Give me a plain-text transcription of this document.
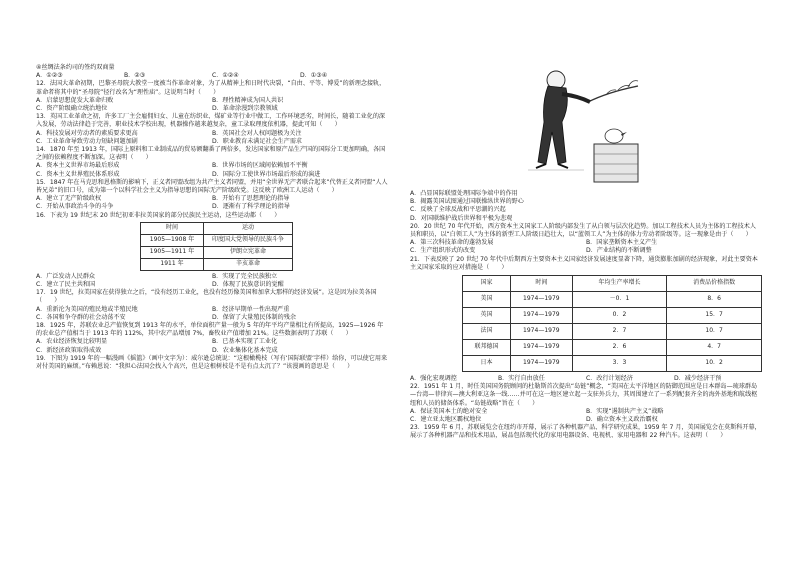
④丝绸法条约司的签约双商量

A．①②③	B．②③	C．①②④	D．①③④

12．法国大革命初期，巴黎圣母院大教堂一度被当作革命对象，为了从精神上和日时代决裂，“自由、平等、博爱”的新理念接轨，革命者将其中的“圣母院”径行改名为“理性庙”。这说明当时（　　）

A．启蒙思想促发大革命归败	B．理性精神成为国人共识
C．资产阶级确立统治地位	D．革命涂漫到宗教领域

13．英国工业革命之初，许多工厂主会雇佣妇女、儿童在纺织业、煤矿业等行业中做工，工作环境恶劣，时间长，随着工业化的深入发展，劳动法律趋于完善，职业技术学校出现，机器操作越来越复杂，童工录取理度依机器，提此可知（　　）

A．科技发展对劳动者的素质要求更高	B．英国社会对人权问题极为关注
C．工业革命导致劳动力短缺问题加剧	D．职业教育未满足社会生产需求

14．1870 年至 1913 年，国际上原料和工业制成品的贸易额翻番了两倍多，发达国家和原产品生产国的国际分工更加明确，各国之间的依赖程度不断加深。这表明（　　）

A．资本主义世界市场最后形成	B．世界市场的区域间依赖加不平衡
C．资本主义世界殖民体系形成	D．国际分工使世界市场最后形成的演进

15．1847 年在马克思和恩格斯的影响下，正义者同盟改组为共产主义者同盟，并用“全世界无产者联合起来”代替正义者同盟“人人皆兄弟”的旧口号，成为第一个以科学社会主义为指导思想的国际无产阶级政党。这反映了欧洲工人运动（　　）

A．建立了无产阶级政权	B．开始有了思想理论的指导
C．开始从事政治斗争的斗争	D．逐渐有了科学理论的指导

16．下表为 19 世纪末 20 世纪初亚非拉美国家的部分民族民主运动，这些运动都（　　）

时间	运动
1905—1908 年	印度国大党领导的民族斗争
1905—1911 年	伊朗立宪革命
1911 年	辛亥革命
A．广泛发动人民群众	B．实现了完全民族独立
C．建立了民主共和国	D．体现了民族意识的觉醒

17．19 世纪，拉美国家在获得独立之后，“没有经历工业化，也没有经历像美国和加拿大那样的经济发展”。这是因为拉美各国（　　）

A．重新沦为美国的殖民地或半殖民地	B．经济早期单一性出现严重
C．各国和争夺群的社会动荡不安	D．保留了大量殖民体制的残余

18．1925 年，苏联农业总产值恢复到 1913 年的水平，单位面积产量一般为 5 年的年平均产量相比有所提高，1925—1926 年的农业总产值相当于 1913 年的 112%，其中农产品增加 7%，畜牧业产值增加 21%。这些数据表明了苏联（　　）

A．农业经济恢复比较明显	B．已基本实现了工业化
C．新经济政策取得成效	D．农业集体化基本完成

19．下图为 1919 年的一幅漫画《摇篮》（画中文字为）：威尔逊总统说：“这根橄榄枝（写有‘国际联盟’字样）给你，可以使它用来对付美国的麻烦。”布赖恩说：“我担心法国会找入个高兴，但是这根树枝是不是有点太沉了？”该漫画的意思是（　　）

A．凸显国际联盟处理国际争端中的作用
B．揭露美国试图通过国联操纵世界的野心
C．反映了全球反战和平思潮的兴起
D．对国联维护战后世界和平极为悲观

20．20 世纪 70 年代开始，西方资本主义国家工人阶级内部发生了从白领与层次化趋势。加以工程技术人员为主体的工程技术人员和职员，以“白领工人”为主体的新型工人阶级日趋壮大，以“蓝领工人”为主体的体力劳动者阶级等。这一现象是由于（　　）

A．第三次科技革命的蓬勃发展	B．国家垄断资本主义产生
C．生产组织形式的改变	D．产业结构的不断调整

21．下表反映了 20 世纪 70 年代中后期西方主要资本主义国家经济发展速度显著下降，通货膨胀加剧的经济现象，对此主要资本主义国家采取的应对措施是（　　）

国家	时间	年均生产率增长	消费品价格指数
美国	1974—1979	－0．1	8．6
英国	1974—1979	0．2	15．7
法国	1974—1979	2．7	10．7
联邦德国	1974—1979	2．6	4．7
日本	1974—1979	3．3	10．2
A．强化宏观调控	B．实行自由放任	C．改行计划经济	D．减少经济干预

22．1951 年 1 月，时任美国国务院顾问的杜勒斯首次提出“岛链”概念，“美国在太平洋地区的防御范围应是日本群岛—琉球群岛—台湾—菲律宾—澳大利亚这条一线……并可在这一地区建立起一支驻外兵力，其周围建立了一系列配套齐全的海外基地和航线枢纽和人员的储备体系。“岛链战略”旨在（　　）

A．保证美国本土的绝对安全	B．实现“遏制共产主义”战略
C．建立亚太地区霸权地位	D．确立资本主义政治霸权

23．1959 年 6 月，苏联展览会在纽约市开幕，展示了各种机器产品、科学研究成果，1959 年 7 月，美国展览会在莫斯科开幕，展示了各种机器产品和技术用品，展品包括现代化的家用电器设备、电视机、家用电器和 22 种汽车。这表明（　　）
